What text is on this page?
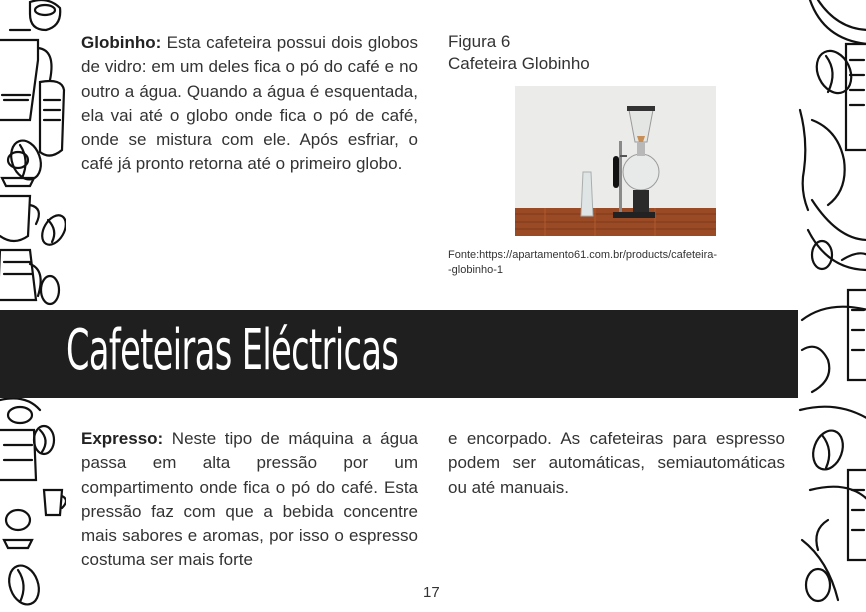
Globinho: Esta cafeteira possui dois globos de vidro: em um deles fica o pó do café e no outro a água. Quando a água é esquentada, ela vai até o globo onde fica o pó de café, onde se mistura com ele. Após esfriar, o café já pronto retorna até o primeiro globo.

Figura 6
Cafeteira Globinho
Fonte:https://apartamento61.com.br/products/cafeteira-
-globinho-1
Cafeteiras Eléctricas

Expresso: Neste tipo de máquina a água passa em alta pressão por um compartimento onde fica o pó do café. Esta pressão faz com que a bebida concentre mais sabores e aromas, por isso o espresso costuma ser mais forte

e encorpado. As cafeteiras para espresso podem ser automáticas, semiautomáticas ou até manuais.

17
